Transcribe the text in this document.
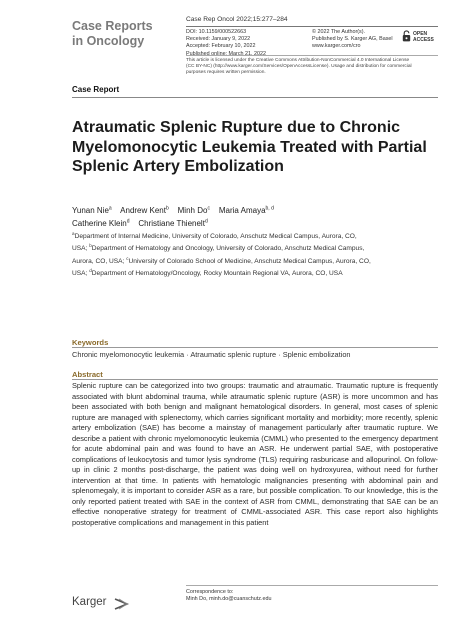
Case Reports
in Oncology
Case Rep Oncol 2022;15:277–284
DOI: 10.1159/000522663
Received: January 9, 2022
Accepted: February 10, 2022
Published online: March 21, 2022
© 2022 The Author(s).
Published by S. Karger AG, Basel
www.karger.com/cro
OPEN
ACCESS
This article is licensed under the Creative Commons Attribution-NonCommercial 4.0 International License
(CC BY-NC) (http://www.karger.com/Services/OpenAccessLicense). Usage and distribution for commercial
purposes requires written permission.
Case Report
Atraumatic Splenic Rupture due to Chronic Myelomonocytic Leukemia Treated with Partial Splenic Artery Embolization
Yunan Nie$^a$ Andrew Kent$^b$ Minh Do$^c$ Maria Amaya$^{b, d}$
Catherine Klein$^d$ Christiane Thienelt$^d$
$^a$Department of Internal Medicine, University of Colorado, Anschutz Medical Campus, Aurora, CO, USA; $^b$Department of Hematology and Oncology, University of Colorado, Anschutz Medical Campus, Aurora, CO, USA; $^c$University of Colorado School of Medicine, Anschutz Medical Campus, Aurora, CO, USA; $^d$Department of Hematology/Oncology, Rocky Mountain Regional VA, Aurora, CO, USA
Keywords
Chronic myelomonocytic leukemia · Atraumatic splenic rupture · Splenic embolization
Abstract

Splenic rupture can be categorized into two groups: traumatic and atraumatic. Traumatic rupture is frequently associated with blunt abdominal trauma, while atraumatic splenic rupture (ASR) is more uncommon and has been associated with both benign and malignant hematological disorders. In general, most cases of splenic rupture are managed with splenectomy, which carries significant mortality and morbidity; more recently, splenic artery embolization (SAE) has become a mainstay of management particularly after traumatic rupture. We describe a patient with chronic myelomonocytic leukemia (CMML) who presented to the emergency department for acute abdominal pain and was found to have an ASR. He underwent partial SAE, with postoperative complications of leukocytosis and tumor lysis syndrome (TLS) requiring rasburicase and allopurinol. On follow-up in clinic 2 months post-discharge, the patient was doing well on hydroxyurea, without need for further intervention at that time. In patients with hematologic malignancies presenting with abdominal pain and splenomegaly, it is important to consider ASR as a rare, but possible complication. To our knowledge, this is the only reported patient treated with SAE in the context of ASR from CMML, demonstrating that SAE can be an effective nonoperative strategy for treatment of CMML-associated ASR. This case report also highlights postoperative complications and management in this patient

Correspondence to:
Minh Do, minh.do@cuanschutz.edu
Karger
